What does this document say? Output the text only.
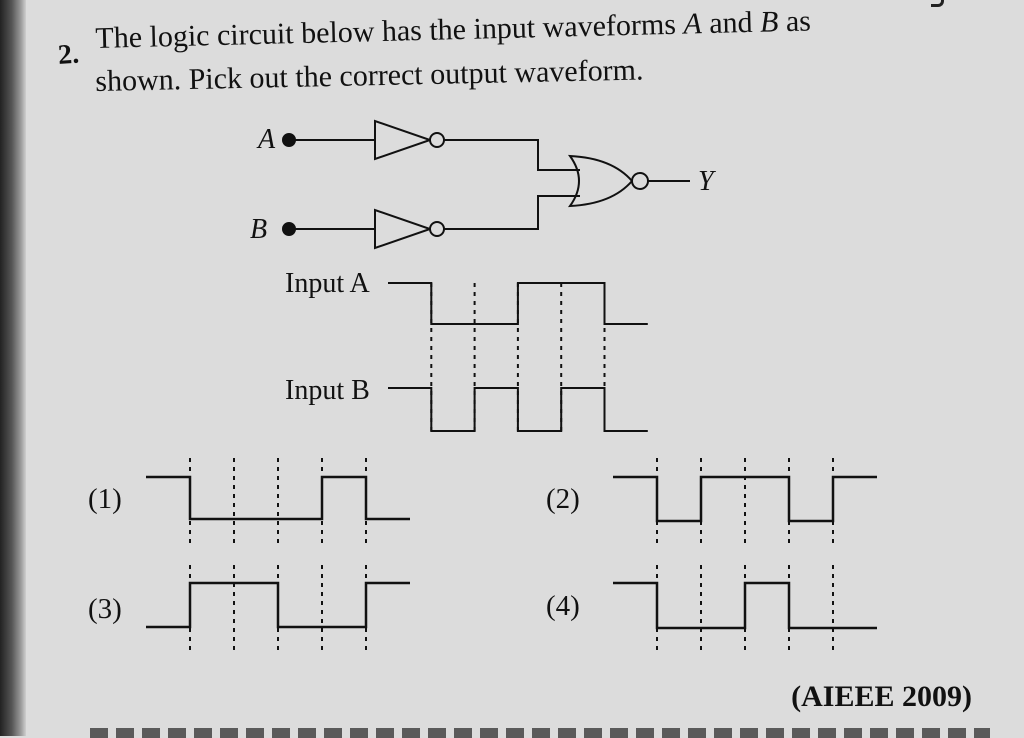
2. The logic circuit below has the input waveforms A and B as
shown. Pick out the correct output waveform.
A
B
Y
Input A
Input B
(1)	(2)
(3)	(4)
(AIEEE 2009)
